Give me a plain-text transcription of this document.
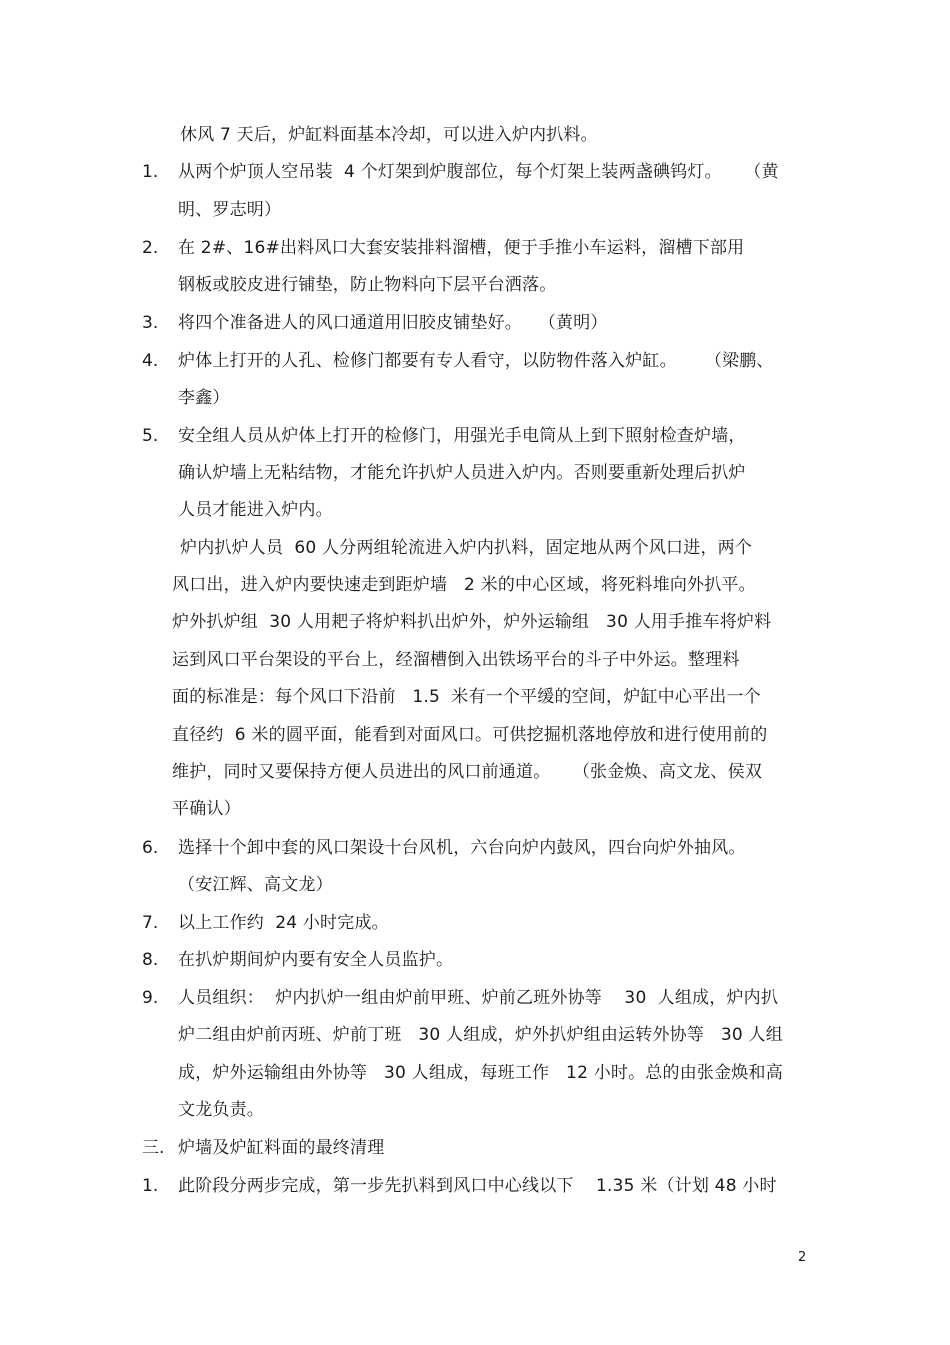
休风 7 天后，炉缸料面基本冷却，可以进入炉内扒料。
1. 从两个炉顶人空吊装  4 个灯架到炉腹部位，每个灯架上装两盏碘钨灯。    （黄
明、罗志明）
2. 在 2#、16#出料风口大套安装排料溜槽，便于手推小车运料，溜槽下部用
钢板或胶皮进行铺垫，防止物料向下层平台洒落。
3. 将四个准备进人的风口通道用旧胶皮铺垫好。   （黄明）
4. 炉体上打开的人孔、检修门都要有专人看守，以防物件落入炉缸。     （梁鹏、
李鑫）
5. 安全组人员从炉体上打开的检修门，用强光手电筒从上到下照射检查炉墙，
确认炉墙上无粘结物，才能允许扒炉人员进入炉内。否则要重新处理后扒炉
人员才能进入炉内。
炉内扒炉人员  60 人分两组轮流进入炉内扒料，固定地从两个风口进，两个
风口出，进入炉内要快速走到距炉墙   2 米的中心区域，将死料堆向外扒平。
炉外扒炉组  30 人用耙子将炉料扒出炉外，炉外运输组   30 人用手推车将炉料
运到风口平台架设的平台上，经溜槽倒入出铁场平台的斗子中外运。整理料
面的标准是：每个风口下沿前   1.5  米有一个平缓的空间，炉缸中心平出一个
直径约  6 米的圆平面，能看到对面风口。可供挖掘机落地停放和进行使用前的
维护，同时又要保持方便人员进出的风口前通道。    （张金焕、高文龙、侯双
平确认）
6. 选择十个卸中套的风口架设十台风机，六台向炉内鼓风，四台向炉外抽风。
（安江辉、高文龙）
7. 以上工作约  24 小时完成。
8. 在扒炉期间炉内要有安全人员监护。
9. 人员组织：  炉内扒炉一组由炉前甲班、炉前乙班外协等    30  人组成，炉内扒
炉二组由炉前丙班、炉前丁班   30 人组成，炉外扒炉组由运转外协等   30 人组
成，炉外运输组由外协等   30 人组成，每班工作   12 小时。总的由张金焕和高
文龙负责。
三. 炉墙及炉缸料面的最终清理
1. 此阶段分两步完成，第一步先扒料到风口中心线以下    1.35 米（计划 48 小时
2
